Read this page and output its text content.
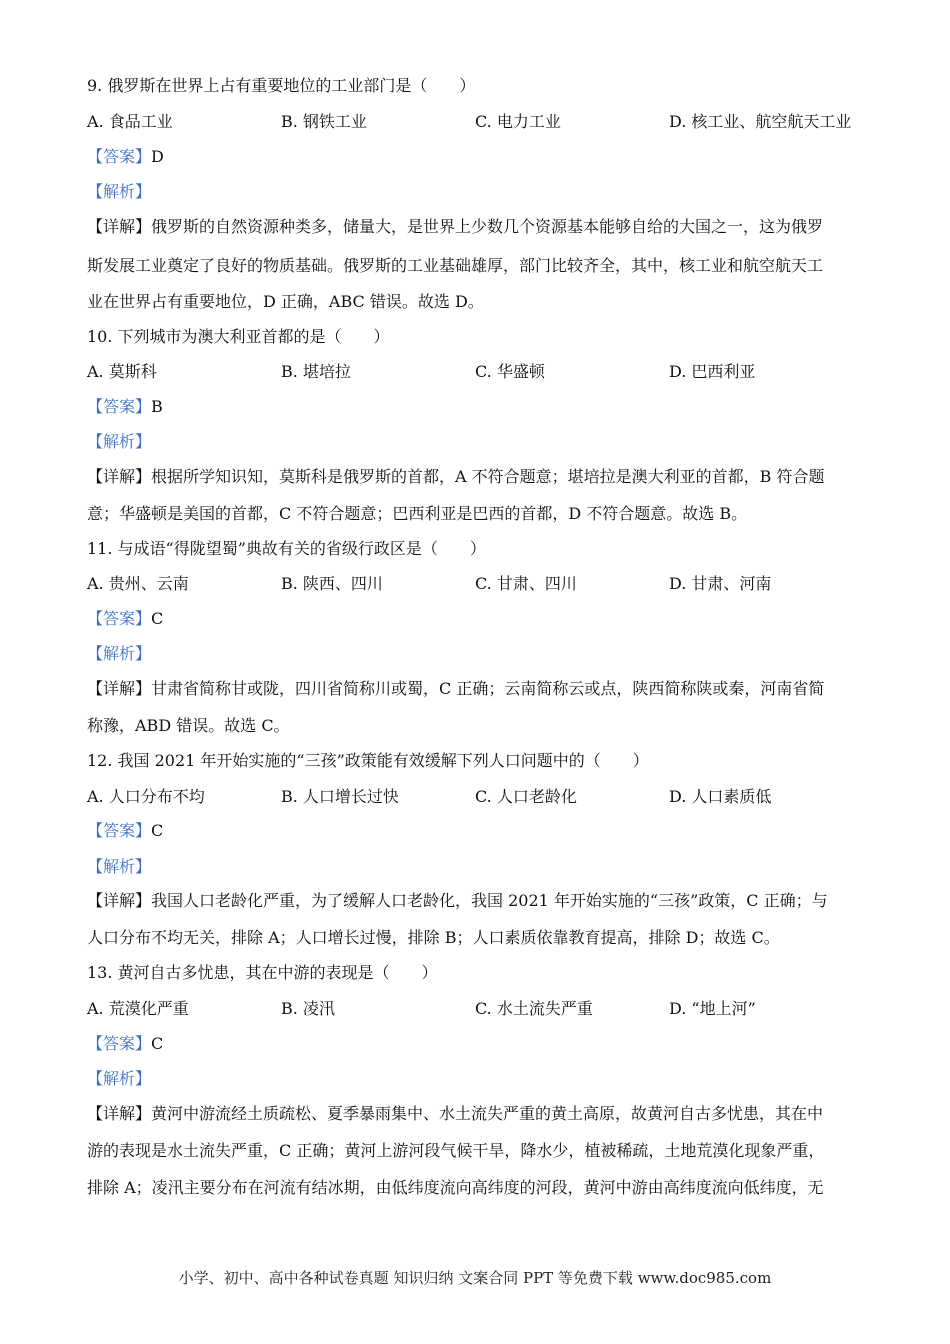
9. 俄罗斯在世界上占有重要地位的工业部门是（　　）
A. 食品工业	B. 钢铁工业	C. 电力工业	D. 核工业、航空航天工业
【答案】D
【解析】
【详解】俄罗斯的自然资源种类多，储量大，是世界上少数几个资源基本能够自给的大国之一，这为俄罗
斯发展工业奠定了良好的物质基础。俄罗斯的工业基础雄厚，部门比较齐全，其中，核工业和航空航天工
业在世界占有重要地位，D 正确，ABC 错误。故选 D。
10. 下列城市为澳大利亚首都的是（　　）
A. 莫斯科	B. 堪培拉	C. 华盛顿	D. 巴西利亚
【答案】B
【解析】
【详解】根据所学知识知，莫斯科是俄罗斯的首都，A 不符合题意；堪培拉是澳大利亚的首都，B 符合题
意；华盛顿是美国的首都，C 不符合题意；巴西利亚是巴西的首都，D 不符合题意。故选 B。
11. 与成语“得陇望蜀”典故有关的省级行政区是（　　）
A. 贵州、云南	B. 陕西、四川	C. 甘肃、四川	D. 甘肃、河南
【答案】C
【解析】
【详解】甘肃省简称甘或陇，四川省简称川或蜀，C 正确；云南简称云或点，陕西简称陕或秦，河南省简
称豫，ABD 错误。故选 C。
12. 我国 2021 年开始实施的“三孩”政策能有效缓解下列人口问题中的（　　）
A. 人口分布不均	B. 人口增长过快	C. 人口老龄化	D. 人口素质低
【答案】C
【解析】
【详解】我国人口老龄化严重，为了缓解人口老龄化，我国 2021 年开始实施的“三孩”政策，C 正确；与
人口分布不均无关，排除 A；人口增长过慢，排除 B；人口素质依靠教育提高，排除 D；故选 C。
13. 黄河自古多忧患，其在中游的表现是（　　）
A. 荒漠化严重	B. 凌汛	C. 水土流失严重	D. “地上河”
【答案】C
【解析】
【详解】黄河中游流经土质疏松、夏季暴雨集中、水土流失严重的黄土高原，故黄河自古多忧患，其在中
游的表现是水土流失严重，C 正确；黄河上游河段气候干旱，降水少，植被稀疏，土地荒漠化现象严重，
排除 A；凌汛主要分布在河流有结冰期，由低纬度流向高纬度的河段，黄河中游由高纬度流向低纬度，无
小学、初中、高中各种试卷真题 知识归纳 文案合同 PPT 等免费下载 www.doc985.com
